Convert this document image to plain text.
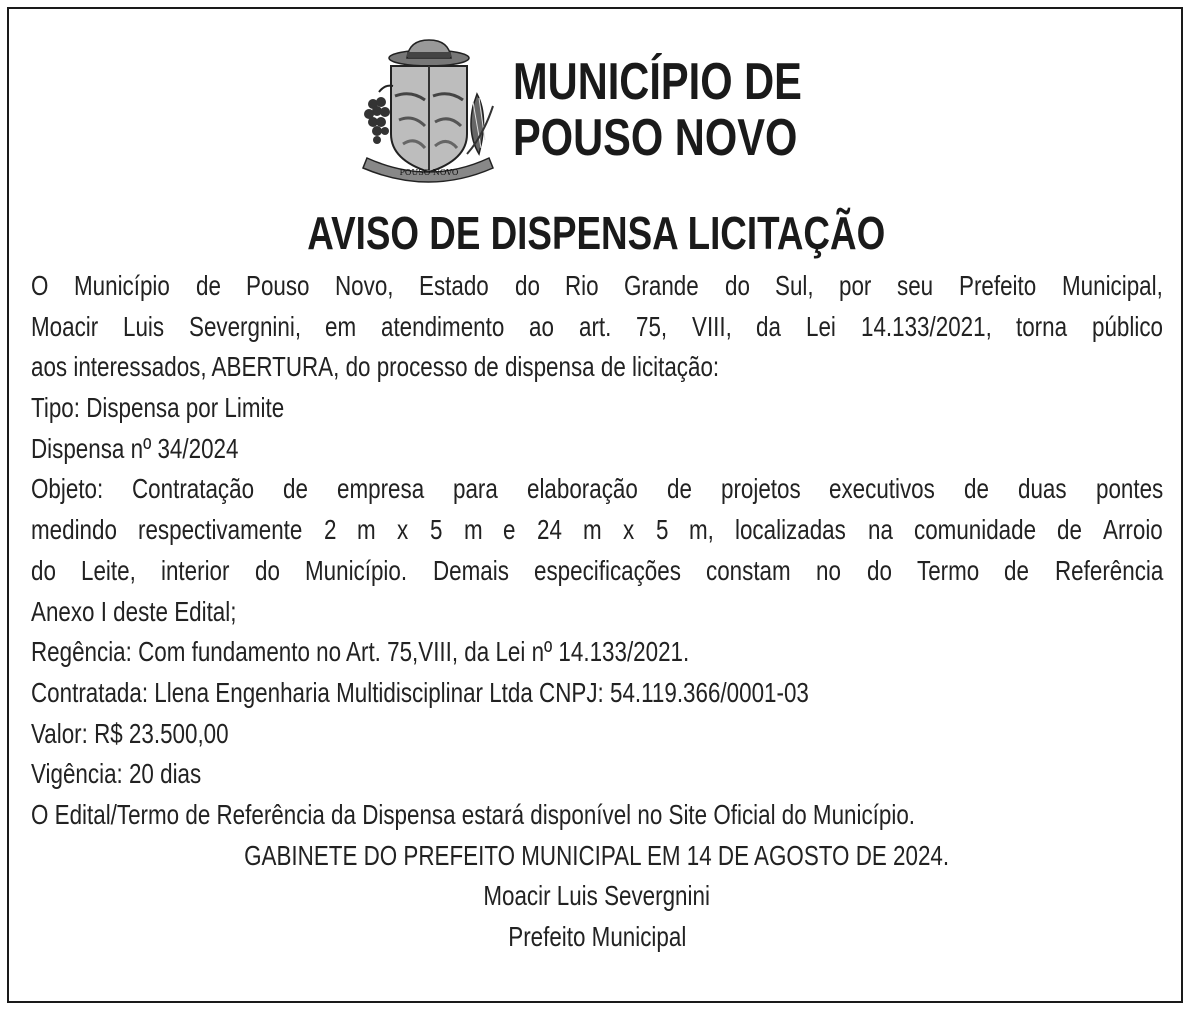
POUSO NOVO
MUNICÍPIO DE
POUSO NOVO
AVISO DE DISPENSA LICITAÇÃO
O Município de Pouso Novo, Estado do Rio Grande do Sul, por seu Prefeito Municipal,
Moacir Luis Severgnini, em atendimento ao art. 75, VIII, da Lei 14.133/2021, torna público
aos interessados, ABERTURA, do processo de dispensa de licitação:
Tipo: Dispensa por Limite
Dispensa nº 34/2024
Objeto: Contratação de empresa para elaboração de projetos executivos de duas pontes
medindo respectivamente 2 m x 5 m e 24 m x 5 m, localizadas na comunidade de Arroio
do Leite, interior do Município. Demais especificações constam no do Termo de Referência
Anexo I deste Edital;
Regência: Com fundamento no Art. 75,VIII, da Lei nº 14.133/2021.
Contratada: Llena Engenharia Multidisciplinar Ltda CNPJ: 54.119.366/0001-03
Valor: R$ 23.500,00
Vigência: 20 dias
O Edital/Termo de Referência da Dispensa estará disponível no Site Oficial do Município.
GABINETE DO PREFEITO MUNICIPAL EM 14 DE AGOSTO DE 2024.
Moacir Luis Severgnini
Prefeito Municipal
